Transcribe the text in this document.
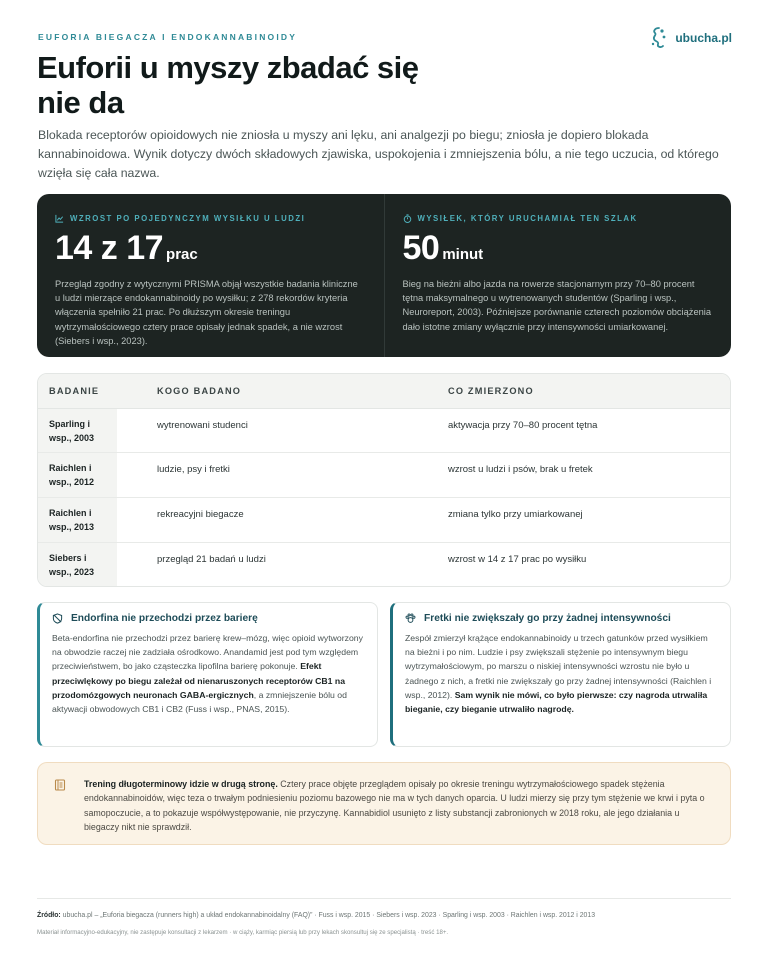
EUFORIA BIEGACZA I ENDOKANNABINOIDY	ubucha.pl
Euforii u myszy zbadać się nie da

Blokada receptorów opioidowych nie zniosła u myszy ani lęku, ani analgezji po biegu; zniosła je dopiero blokada kannabinoidowa. Wynik dotyczy dwóch składowych zjawiska, uspokojenia i zmniejszenia bólu, a nie tego uczucia, od którego wzięła się cała nazwa.

WZROST PO POJEDYNCZYM WYSIŁKU U LUDZI
14 z 17 prac

Przegląd zgodny z wytycznymi PRISMA objął wszystkie badania kliniczne u ludzi mierzące endokannabinoidy po wysiłku; z 278 rekordów kryteria włączenia spełniło 21 prac. Po dłuższym okresie treningu wytrzymałościowego cztery prace opisały jednak spadek, a nie wzrost (Siebers i wsp., 2023).

WYSIŁEK, KTÓRY URUCHAMIAŁ TEN SZLAK
50 minut

Bieg na bieżni albo jazda na rowerze stacjonarnym przy 70–80 procent tętna maksymalnego u wytrenowanych studentów (Sparling i wsp., Neuroreport, 2003). Późniejsze porównanie czterech poziomów obciążenia dało istotne zmiany wyłącznie przy intensywności umiarkowanej.

BADANIE	KOGO BADANO	CO ZMIERZONO
Sparling i wsp., 2003	wytrenowani studenci	aktywacja przy 70–80 procent tętna
Raichlen i wsp., 2012	ludzie, psy i fretki	wzrost u ludzi i psów, brak u fretek
Raichlen i wsp., 2013	rekreacyjni biegacze	zmiana tylko przy umiarkowanej
Siebers i wsp., 2023	przegląd 21 badań u ludzi	wzrost w 14 z 17 prac po wysiłku
Endorfina nie przechodzi przez barierę

Beta-endorfina nie przechodzi przez barierę krew–mózg, więc opioid wytworzony na obwodzie raczej nie zadziała ośrodkowo. Anandamid jest pod tym względem przeciwieństwem, bo jako cząsteczka lipofilna barierę pokonuje. Efekt przeciwlękowy po biegu zależał od nienaruszonych receptorów CB1 na przodomózgowych neuronach GABA-ergicznych, a zmniejszenie bólu od aktywacji obwodowych CB1 i CB2 (Fuss i wsp., PNAS, 2015).

Fretki nie zwiększały go przy żadnej intensywności

Zespół zmierzył krążące endokannabinoidy u trzech gatunków przed wysiłkiem na bieżni i po nim. Ludzie i psy zwiększali stężenie po intensywnym biegu wytrzymałościowym, po marszu o niskiej intensywności wzrostu nie było u żadnego z nich, a fretki nie zwiększały go przy żadnej intensywności (Raichlen i wsp., 2012). Sam wynik nie mówi, co było pierwsze: czy nagroda utrwaliła bieganie, czy bieganie utrwaliło nagrodę.

Trening długoterminowy idzie w drugą stronę. Cztery prace objęte przeglądem opisały po okresie treningu wytrzymałościowego spadek stężenia endokannabinoidów, więc teza o trwałym podniesieniu poziomu bazowego nie ma w tych danych oparcia. U ludzi mierzy się przy tym stężenie we krwi i pyta o samopoczucie, a to pokazuje współwystępowanie, nie przyczynę. Kannabidiol usunięto z listy substancji zabronionych w 2018 roku, ale jego działania u biegaczy nikt nie sprawdził.

Źródło: ubucha.pl – „Euforia biegacza (runners high) a układ endokannabinoidalny (FAQ)” · Fuss i wsp. 2015 · Siebers i wsp. 2023 · Sparling i wsp. 2003 · Raichlen i wsp. 2012 i 2013

Materiał informacyjno-edukacyjny, nie zastępuje konsultacji z lekarzem · w ciąży, karmiąc piersią lub przy lekach skonsultuj się ze specjalistą · treść 18+.
